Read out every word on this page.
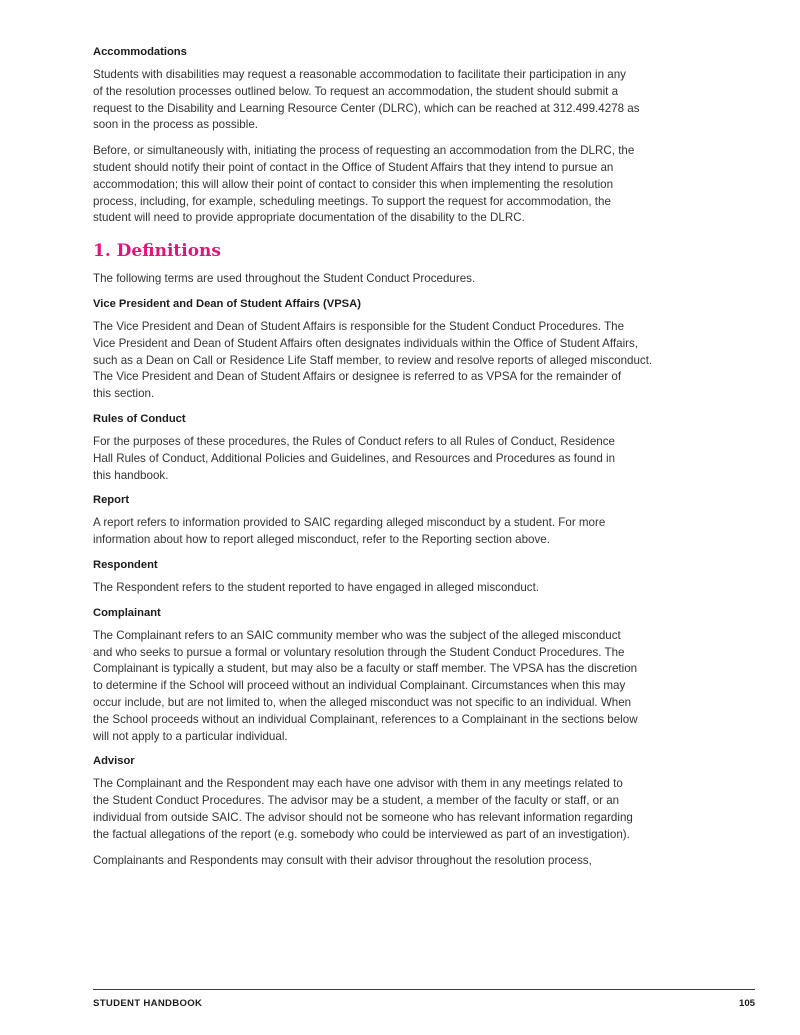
Accommodations

Students with disabilities may request a reasonable accommodation to facilitate their participation in any
of the resolution processes outlined below. To request an accommodation, the student should submit a
request to the Disability and Learning Resource Center (DLRC), which can be reached at 312.499.4278 as
soon in the process as possible.

Before, or simultaneously with, initiating the process of requesting an accommodation from the DLRC, the
student should notify their point of contact in the Office of Student Affairs that they intend to pursue an
accommodation; this will allow their point of contact to consider this when implementing the resolution
process, including, for example, scheduling meetings. To support the request for accommodation, the
student will need to provide appropriate documentation of the disability to the DLRC.

1. Definitions

The following terms are used throughout the Student Conduct Procedures.

Vice President and Dean of Student Affairs (VPSA)

The Vice President and Dean of Student Affairs is responsible for the Student Conduct Procedures. The
Vice President and Dean of Student Affairs often designates individuals within the Office of Student Affairs,
such as a Dean on Call or Residence Life Staff member, to review and resolve reports of alleged misconduct.
The Vice President and Dean of Student Affairs or designee is referred to as VPSA for the remainder of
this section.

Rules of Conduct

For the purposes of these procedures, the Rules of Conduct refers to all Rules of Conduct, Residence
Hall Rules of Conduct, Additional Policies and Guidelines, and Resources and Procedures as found in
this handbook.

Report

A report refers to information provided to SAIC regarding alleged misconduct by a student. For more
information about how to report alleged misconduct, refer to the Reporting section above.

Respondent

The Respondent refers to the student reported to have engaged in alleged misconduct.

Complainant

The Complainant refers to an SAIC community member who was the subject of the alleged misconduct
and who seeks to pursue a formal or voluntary resolution through the Student Conduct Procedures. The
Complainant is typically a student, but may also be a faculty or staff member. The VPSA has the discretion
to determine if the School will proceed without an individual Complainant. Circumstances when this may
occur include, but are not limited to, when the alleged misconduct was not specific to an individual. When
the School proceeds without an individual Complainant, references to a Complainant in the sections below
will not apply to a particular individual.

Advisor

The Complainant and the Respondent may each have one advisor with them in any meetings related to
the Student Conduct Procedures. The advisor may be a student, a member of the faculty or staff, or an
individual from outside SAIC. The advisor should not be someone who has relevant information regarding
the factual allegations of the report (e.g. somebody who could be interviewed as part of an investigation).

Complainants and Respondents may consult with their advisor throughout the resolution process,

STUDENT HANDBOOK	105
